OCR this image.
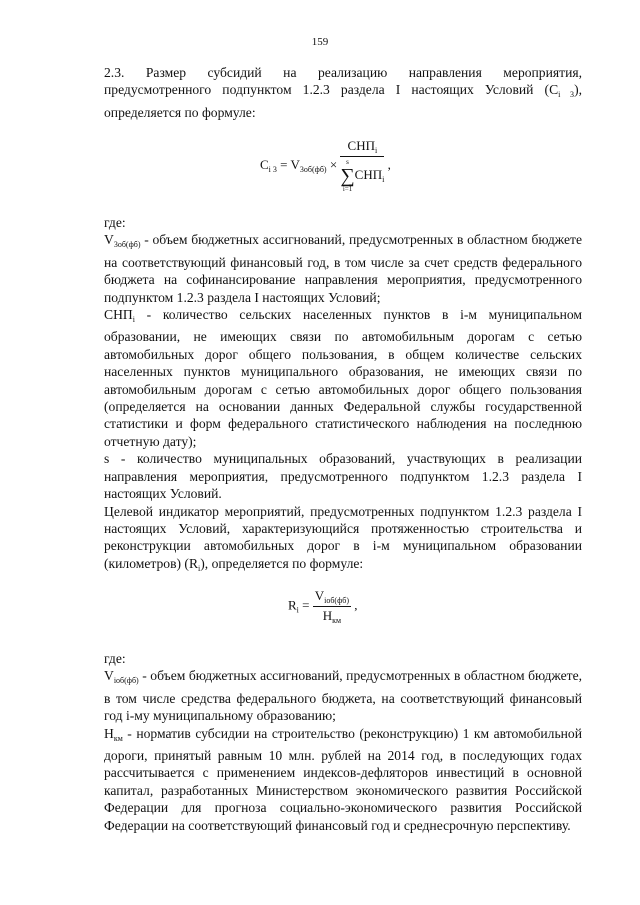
159

2.3. Размер субсидий на реализацию направления мероприятия, предусмотренного подпунктом 1.2.3 раздела I настоящих Условий $(C_{i 3})$, определяется по формуле:

$C_{i 3} = V_{3об(фб)} \times СНП_i$
s
∑
i=1
$СНП_i$ ,

где:

$V_{3об(фб)}$ - объем бюджетных ассигнований, предусмотренных в областном бюджете на соответствующий финансовый год, в том числе за счет средств федерального бюджета на софинансирование направления мероприятия, предусмотренного подпунктом 1.2.3 раздела I настоящих Условий;

$СНП_i$ - количество сельских населенных пунктов в i-м муниципальном образовании, не имеющих связи по автомобильным дорогам с сетью автомобильных дорог общего пользования, в общем количестве сельских населенных пунктов муниципального образования, не имеющих связи по автомобильным дорогам с сетью автомобильных дорог общего пользования (определяется на основании данных Федеральной службы государственной статистики и форм федерального статистического наблюдения на последнюю отчетную дату);

s - количество муниципальных образований, участвующих в реализации направления мероприятия, предусмотренного подпунктом 1.2.3 раздела I настоящих Условий.

Целевой индикатор мероприятий, предусмотренных подпунктом 1.2.3 раздела I настоящих Условий, характеризующийся протяженностью строительства и реконструкции автомобильных дорог в i-м муниципальном образовании (километров) $(R_i)$, определяется по формуле:

$R_i = \frac{V_{iоб(фб)}}{H_{км}}$ ,

где:

$V_{iоб(фб)}$ - объем бюджетных ассигнований, предусмотренных в областном бюджете, в том числе средства федерального бюджета, на соответствующий финансовый год i-му муниципальному образованию;

$H_{км}$ - норматив субсидии на строительство (реконструкцию) 1 км автомобильной дороги, принятый равным 10 млн. рублей на 2014 год, в последующих годах рассчитывается с применением индексов-дефляторов инвестиций в основной капитал, разработанных Министерством экономического развития Российской Федерации для прогноза социально-экономического развития Российской Федерации на соответствующий финансовый год и среднесрочную перспективу.
